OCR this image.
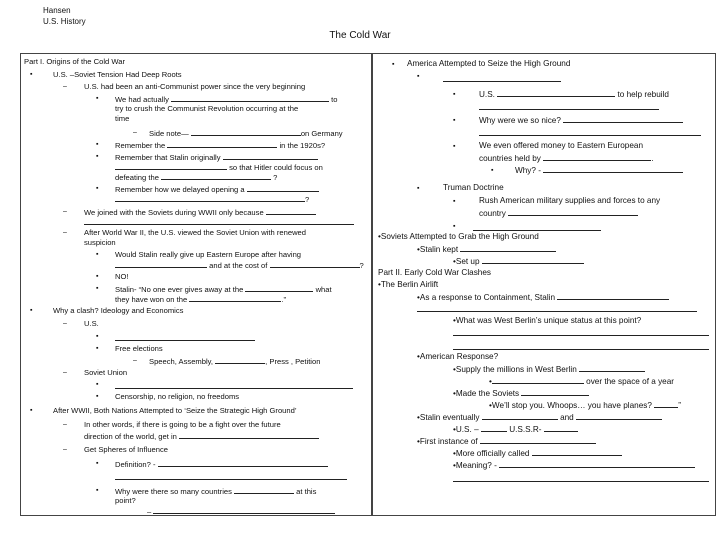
Hansen
U.S. History
The Cold War
Part I. Origins of the Cold War
▪	U.S. –Soviet Tension Had Deep Roots
– U.S. had been an anti-Communist power since the very beginning
▪ We had actually	to
try to crush the Communist Revolution occurring at the
time
– Side note—	on Germany
▪ Remember the	in the 1920s?
▪ Remember that Stalin originally
so that Hitler could focus on
defeating the	?
▪ Remember how we delayed opening a
?
– We joined with the Soviets during WWII only because
– After World War II, the U.S. viewed the Soviet Union with renewed
suspicion
▪ Would Stalin really give up Eastern Europe after having
and at the cost of	?
▪ NO!
▪ Stalin- “No one ever gives away at the	what
they have won on the	.”
▪	Why a clash? Ideology and Economics
– U.S.
▪
▪ Free elections
– Speech, Assembly,	, Press , Petition
– Soviet Union
▪
▪ Censorship, no religion, no freedoms
▪	After WWII, Both Nations Attempted to ‘Seize the Strategic High Ground’
– In other words, if there is going to be a fight over the future
direction of the world, get in
– Get Spheres of Influence
▪ Definition? -
▪ Why were there so many countries	at this
point?
–
▪ America Attempted to Seize the High Ground
▪
▪	U.S.	to help rebuild
▪	Why were we so nice?
▪	We even offered money to Eastern European
countries held by	.
▪	Why? -
▪	Truman Doctrine
▪	Rush American military supplies and forces to any
country
▪
•Soviets Attempted to Grab the High Ground
•Stalin kept
•Set up
Part II. Early Cold War Clashes
•The Berlin Airlift
•As a response to Containment, Stalin
•What was West Berlin’s unique status at this point?
•American Response?
•Supply the millions in West Berlin
•	over the space of a year
•Made the Soviets
•We’ll stop you. Whoops… you have planes?	”
•Stalin eventually	and
•U.S. –	U.S.S.R-
•First instance of
•More officially called
•Meaning? -
